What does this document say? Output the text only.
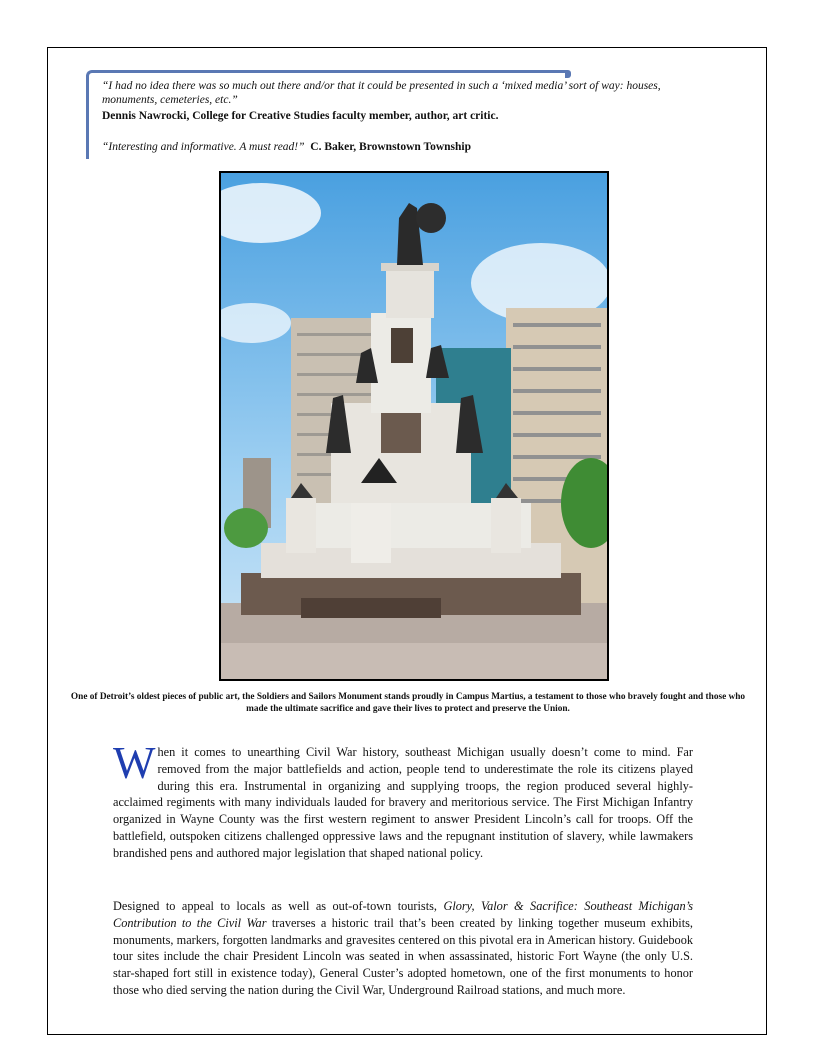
“I had no idea there was so much out there and/or that it could be presented in such a ‘mixed media’ sort of way: houses, monuments, cemeteries, etc.”
Dennis Nawrocki, College for Creative Studies faculty member, author, art critic.
“Interesting and informative. A must read!” C. Baker, Brownstown Township
One of Detroit’s oldest pieces of public art, the Soldiers and Sailors Monument stands proudly in Campus Martius, a testament to those who bravely fought and those who made the ultimate sacrifice and gave their lives to protect and preserve the Union.
When it comes to unearthing Civil War history, southeast Michigan usually doesn’t come to mind. Far removed from the major battlefields and action, people tend to underestimate the role its citizens played during this era. Instrumental in organizing and supplying troops, the region produced several highly-acclaimed regiments with many individuals lauded for bravery and meritorious service. The First Michigan Infantry organized in Wayne County was the first western regiment to answer President Lincoln’s call for troops. Off the battlefield, outspoken citizens challenged oppressive laws and the repugnant institution of slavery, while lawmakers brandished pens and authored major legislation that shaped national policy.
Designed to appeal to locals as well as out-of-town tourists, Glory, Valor & Sacrifice: Southeast Michigan’s Contribution to the Civil War traverses a historic trail that’s been created by linking together museum exhibits, monuments, markers, forgotten landmarks and gravesites centered on this pivotal era in American history. Guidebook tour sites include the chair President Lincoln was seated in when assassinated, historic Fort Wayne (the only U.S. star-shaped fort still in existence today), General Custer’s adopted hometown, one of the first monuments to honor those who died serving the nation during the Civil War, Underground Railroad stations, and much more.
